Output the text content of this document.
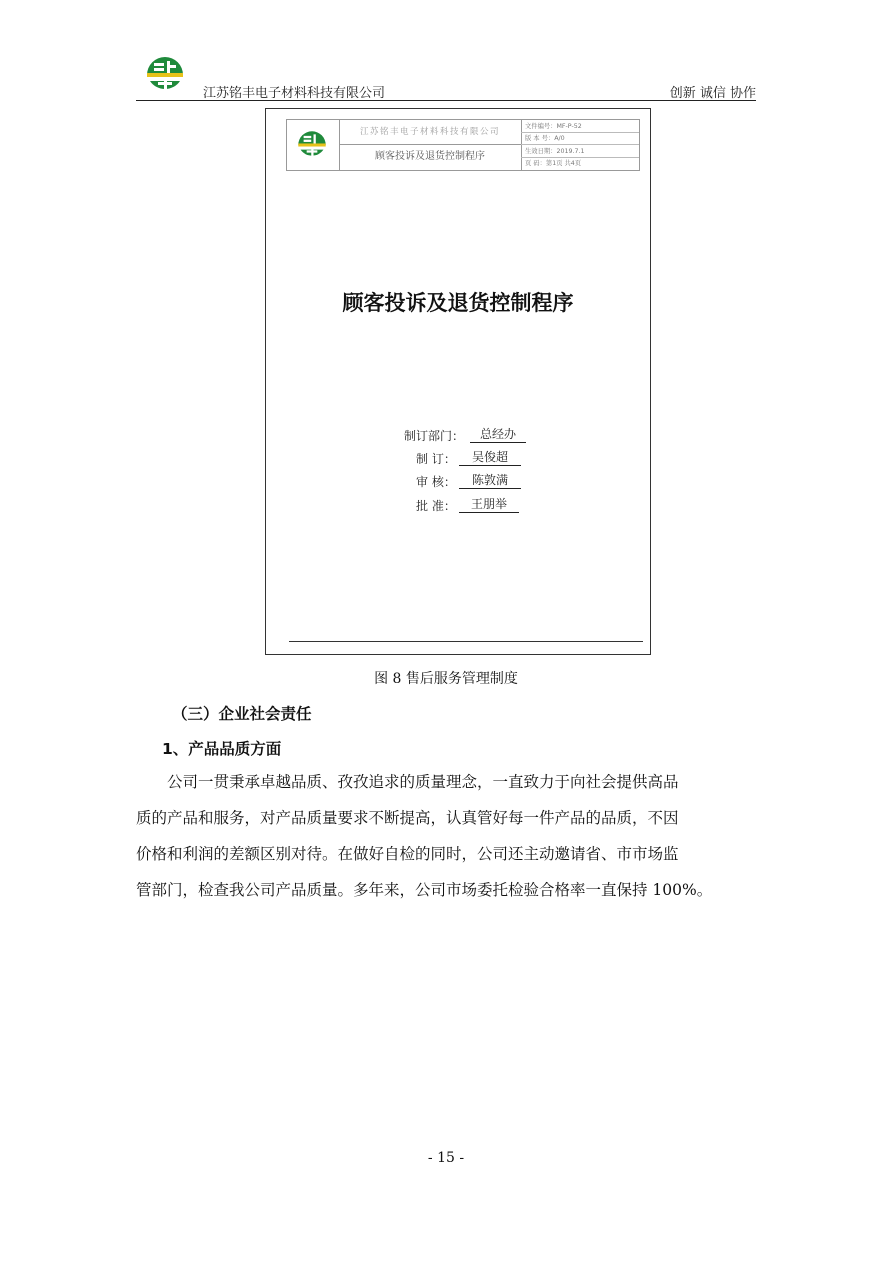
江苏铭丰电子材料科技有限公司	创新 诚信 协作
江苏铭丰电子材料科技有限公司
顾客投诉及退货控制程序
文件编号：MF-P-52
版 本 号：A/0
生效日期：2019.7.1
页 码：第1页 共4页
顾客投诉及退货控制程序
制订部门：	总经办
制 订：	吴俊超
审 核：	陈敦满
批 准：	王朋举
图 8 售后服务管理制度
（三）企业社会责任
1、产品品质方面
公司一贯秉承卓越品质、孜孜追求的质量理念，一直致力于向社会提供高品
质的产品和服务，对产品质量要求不断提高，认真管好每一件产品的品质，不因
价格和利润的差额区别对待。在做好自检的同时，公司还主动邀请省、市市场监
管部门，检查我公司产品质量。多年来，公司市场委托检验合格率一直保持 100%。
- 15 -
